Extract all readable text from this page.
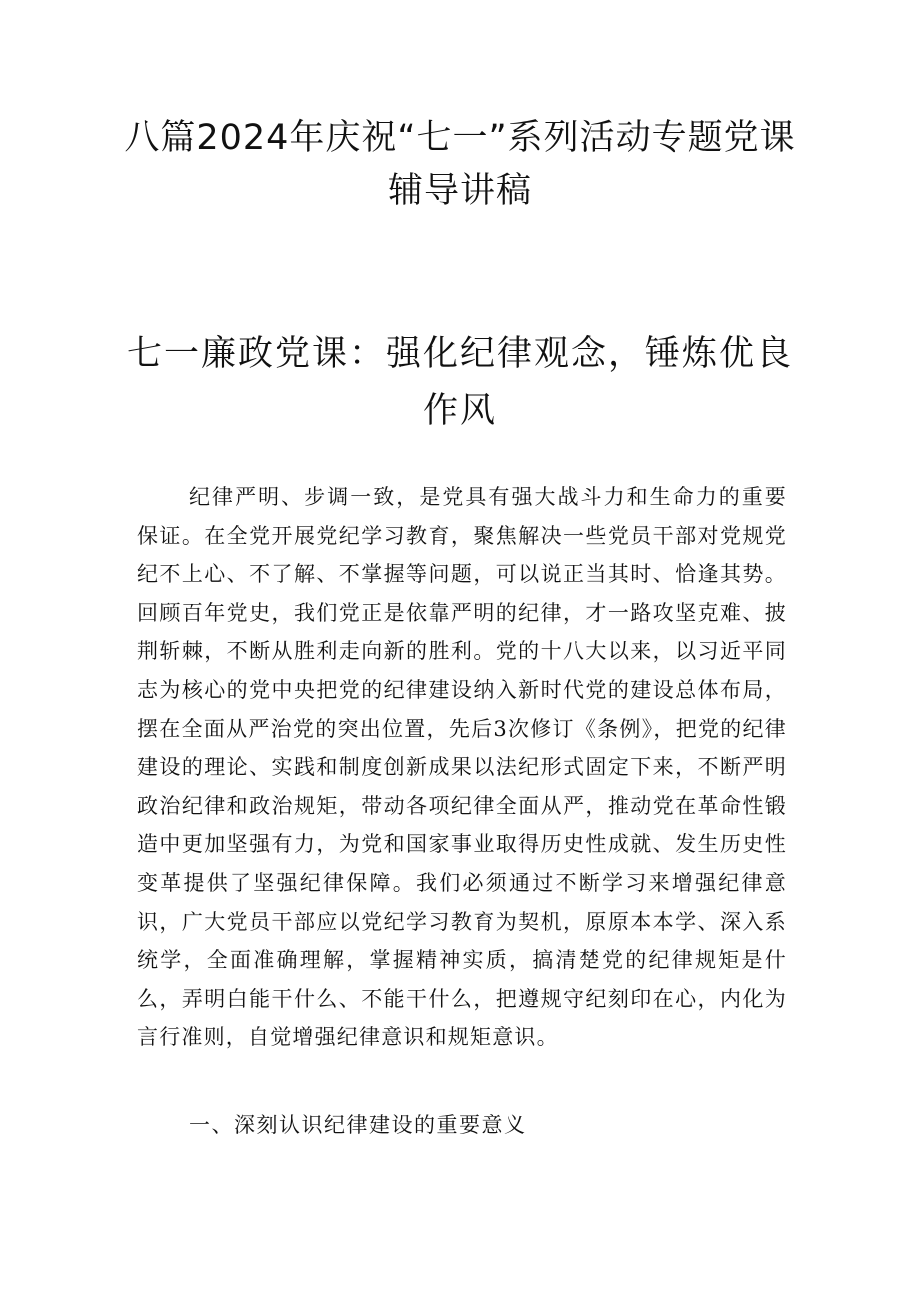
八篇2024年庆祝“七一”系列活动专题党课辅导讲稿
七一廉政党课：强化纪律观念，锤炼优良作风

纪律严明、步调一致，是党具有强大战斗力和生命力的重要保证。在全党开展党纪学习教育，聚焦解决一些党员干部对党规党纪不上心、不了解、不掌握等问题，可以说正当其时、恰逢其势。回顾百年党史，我们党正是依靠严明的纪律，才一路攻坚克难、披荆斩棘，不断从胜利走向新的胜利。党的十八大以来，以习近平同志为核心的党中央把党的纪律建设纳入新时代党的建设总体布局，摆在全面从严治党的突出位置，先后3次修订《条例》，把党的纪律建设的理论、实践和制度创新成果以法纪形式固定下来，不断严明政治纪律和政治规矩，带动各项纪律全面从严，推动党在革命性锻造中更加坚强有力，为党和国家事业取得历史性成就、发生历史性变革提供了坚强纪律保障。我们必须通过不断学习来增强纪律意识，广大党员干部应以党纪学习教育为契机，原原本本学、深入系统学，全面准确理解，掌握精神实质，搞清楚党的纪律规矩是什么，弄明白能干什么、不能干什么，把遵规守纪刻印在心，内化为言行准则，自觉增强纪律意识和规矩意识。

一、深刻认识纪律建设的重要意义
